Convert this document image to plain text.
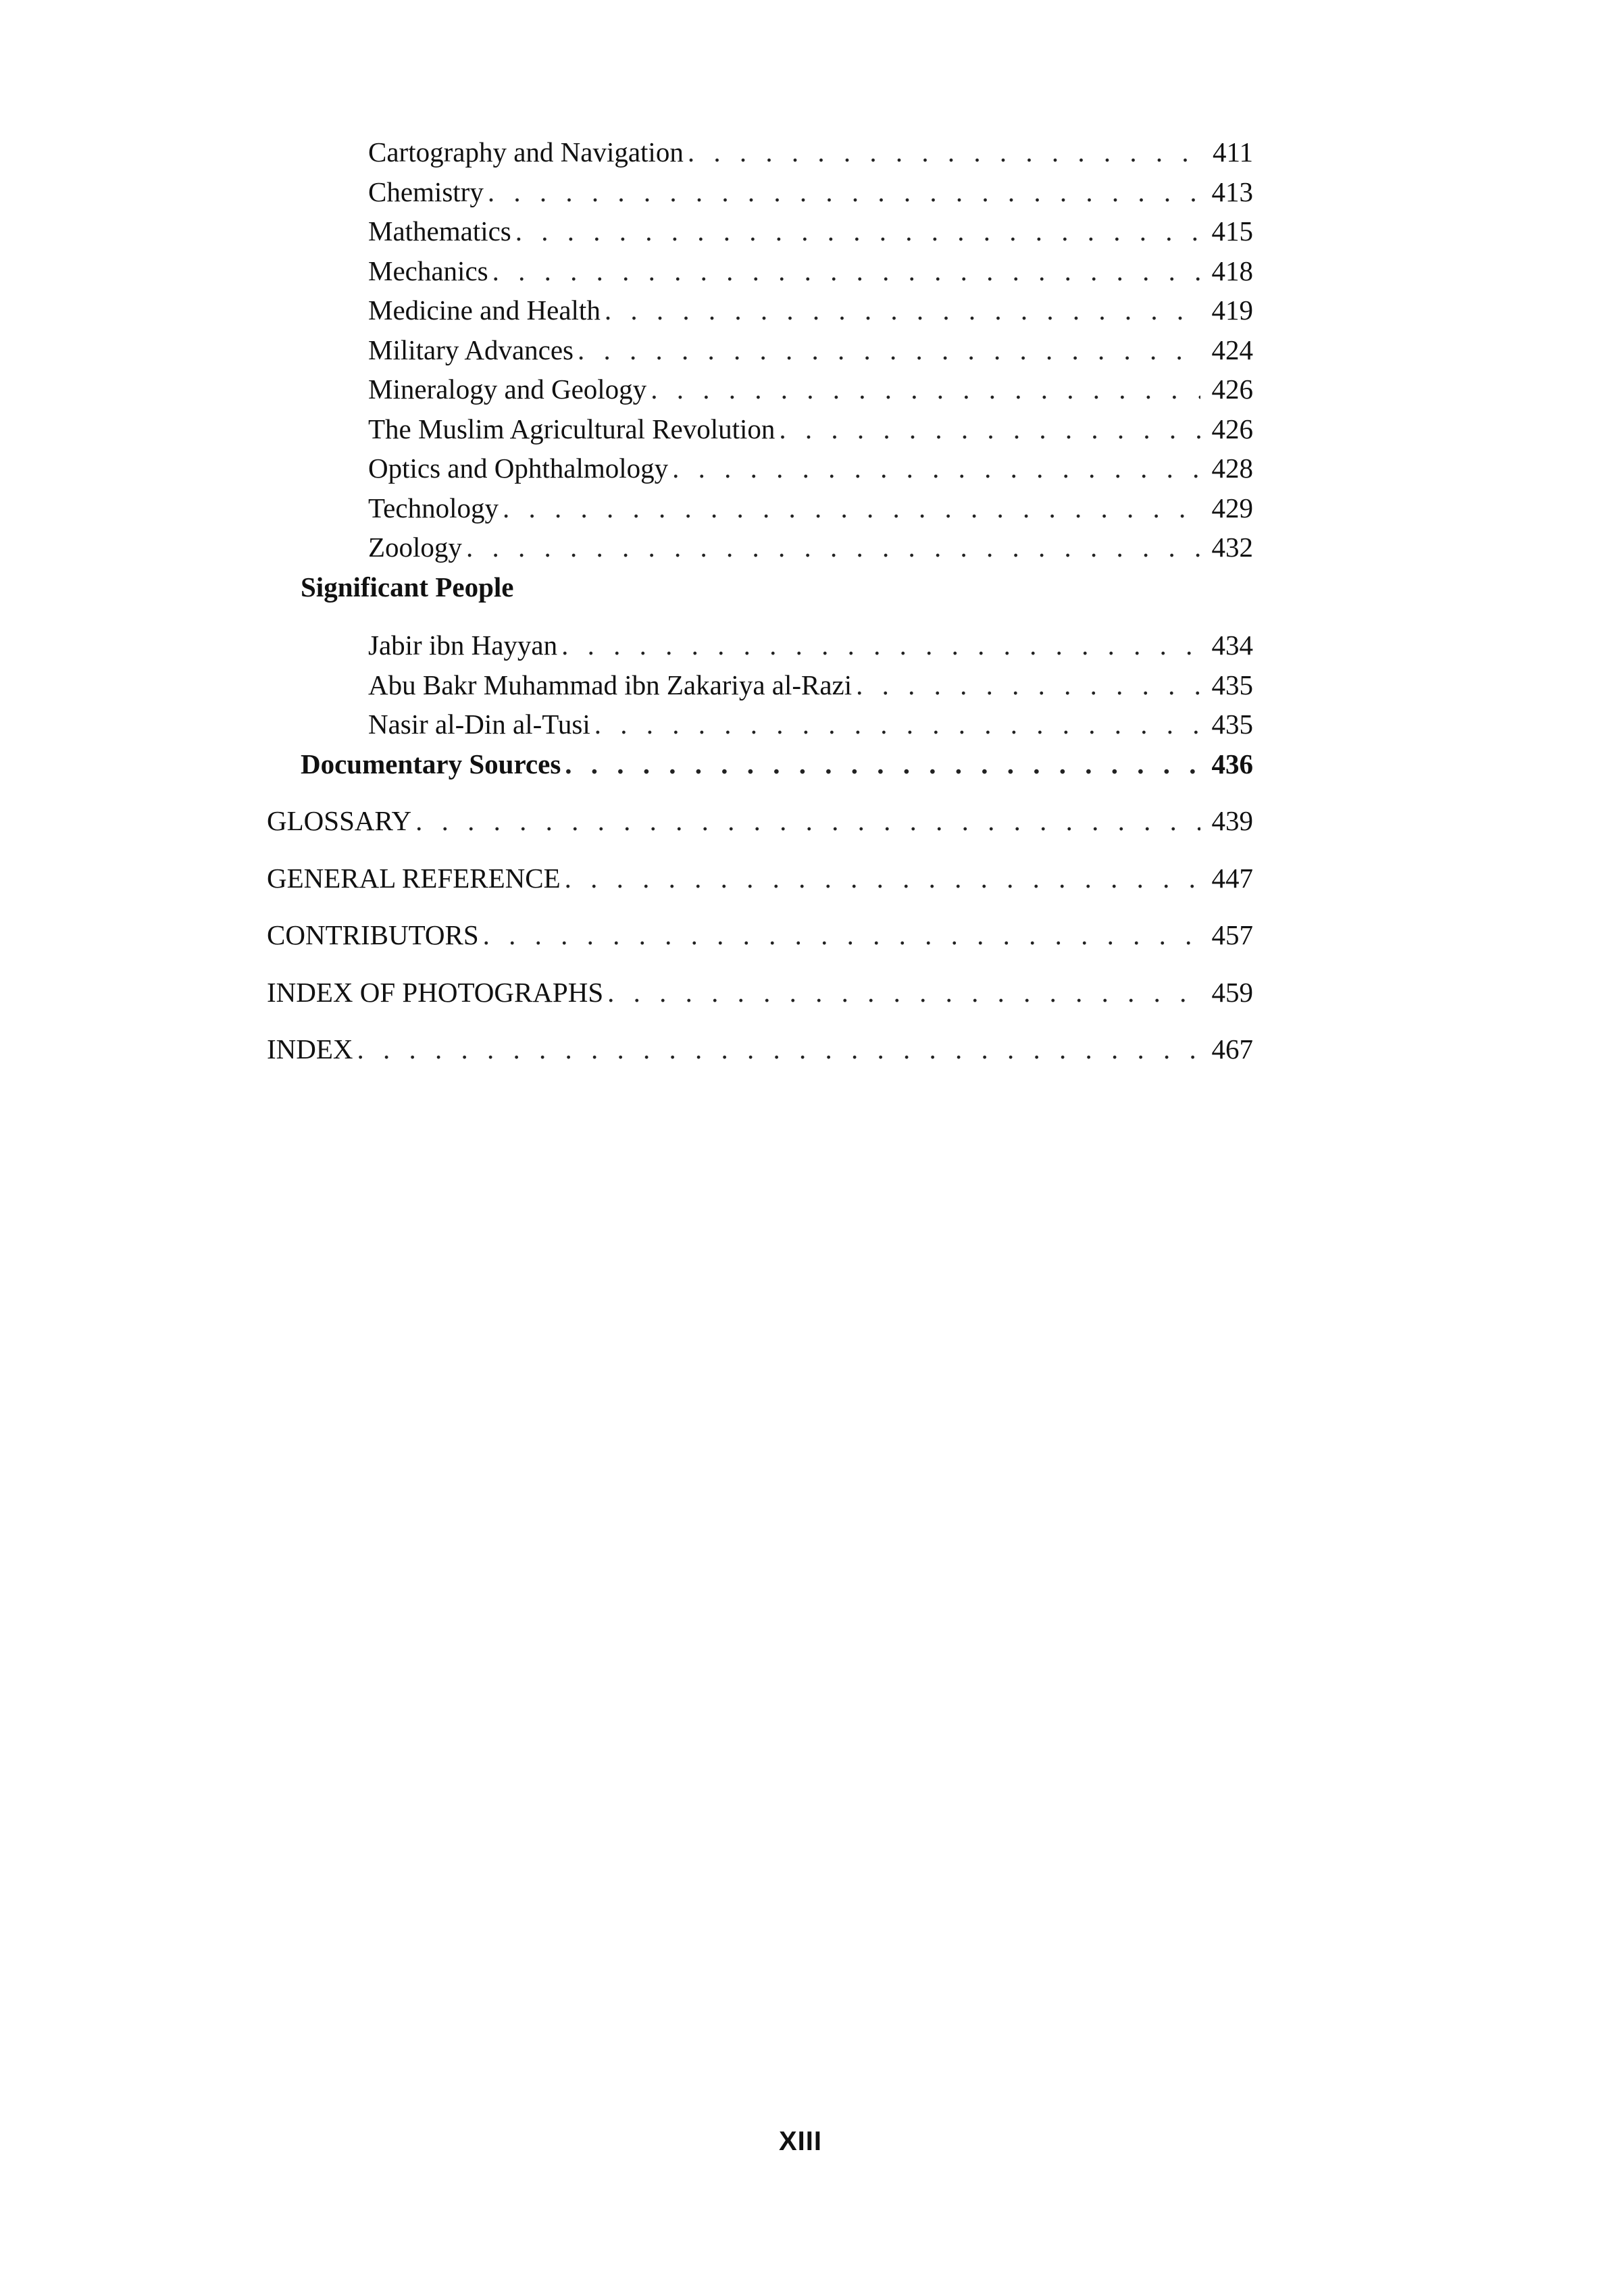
Cartography and Navigation . . .	411
Chemistry . . .	413
Mathematics . . .	415
Mechanics . . .	418
Medicine and Health . . .	419
Military Advances . . .	424
Mineralogy and Geology . . .	426
The Muslim Agricultural Revolution . . .	426
Optics and Ophthalmology . . .	428
Technology . . .	429
Zoology . . .	432
Significant People
Jabir ibn Hayyan . . .	434
Abu Bakr Muhammad ibn Zakariya al-Razi . . .	435
Nasir al-Din al-Tusi . . .	435
Documentary Sources . . .	436
GLOSSARY . . .	439
GENERAL REFERENCE . . .	447
CONTRIBUTORS . . .	457
INDEX OF PHOTOGRAPHS . . .	459
INDEX . . .	467
XIII
